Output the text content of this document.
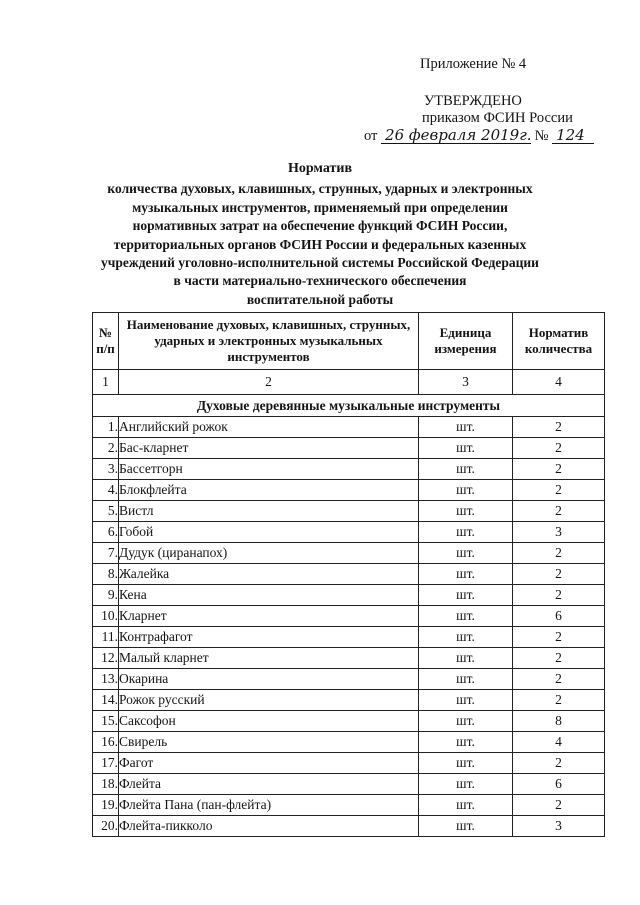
Приложение № 4
УТВЕРЖДЕНО
приказом ФСИН России
от 26 февраля 2019г. № 124
Норматив
количества духовых, клавишных, струнных, ударных и электронных
музыкальных инструментов, применяемый при определении
нормативных затрат на обеспечение функций ФСИН России,
территориальных органов ФСИН России и федеральных казенных
учреждений уголовно-исполнительной системы Российской Федерации
в части материально-технического обеспечения
воспитательной работы
№ п/п	Наименование духовых, клавишных, струнных, ударных и электронных музыкальных инструментов	Единица измерения	Норматив количества
1	2	3	4
Духовые деревянные музыкальные инструменты			
1.	Английский рожок	шт.	2
2.	Бас-кларнет	шт.	2
3.	Бассетгорн	шт.	2
4.	Блокфлейта	шт.	2
5.	Вистл	шт.	2
6.	Гобой	шт.	3
7.	Дудук (циранапох)	шт.	2
8.	Жалейка	шт.	2
9.	Кена	шт.	2
10.	Кларнет	шт.	6
11.	Контрафагот	шт.	2
12.	Малый кларнет	шт.	2
13.	Окарина	шт.	2
14.	Рожок русский	шт.	2
15.	Саксофон	шт.	8
16.	Свирель	шт.	4
17.	Фагот	шт.	2
18.	Флейта	шт.	6
19.	Флейта Пана (пан-флейта)	шт.	2
20.	Флейта-пикколо	шт.	3
